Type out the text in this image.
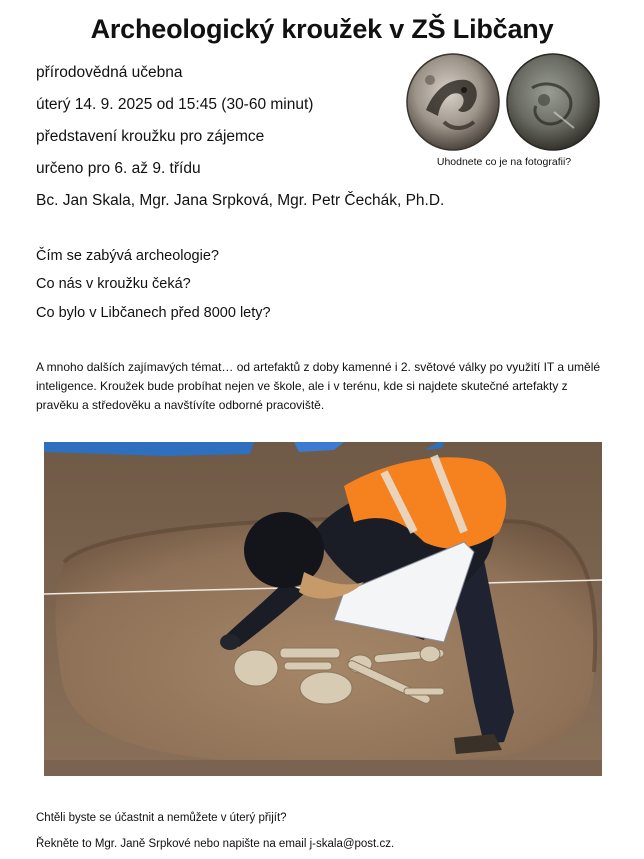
Archeologický kroužek v ZŠ Libčany
přírodovědná učebna
úterý 14. 9. 2025 od 15:45 (30-60 minut)
představení kroužku pro zájemce
určeno pro 6. až 9. třídu
Bc. Jan Skala, Mgr. Jana Srpková, Mgr. Petr Čechák, Ph.D.
Uhodnete co je na fotografii?
Čím se zabývá archeologie?
Co nás v kroužku čeká?
Co bylo v Libčanech před 8000 lety?
A mnoho dalších zajímavých témat… od artefaktů z doby kamenné i 2. světové války po využití IT a umělé inteligence. Kroužek bude probíhat nejen ve škole, ale i v terénu, kde si najdete skutečné artefakty z pravěku a středověku a navštívíte odborné pracoviště.
Chtěli byste se účastnit a nemůžete v úterý přijít?
Řekněte to Mgr. Janě Srpkové nebo napište na email j-skala@post.cz.
